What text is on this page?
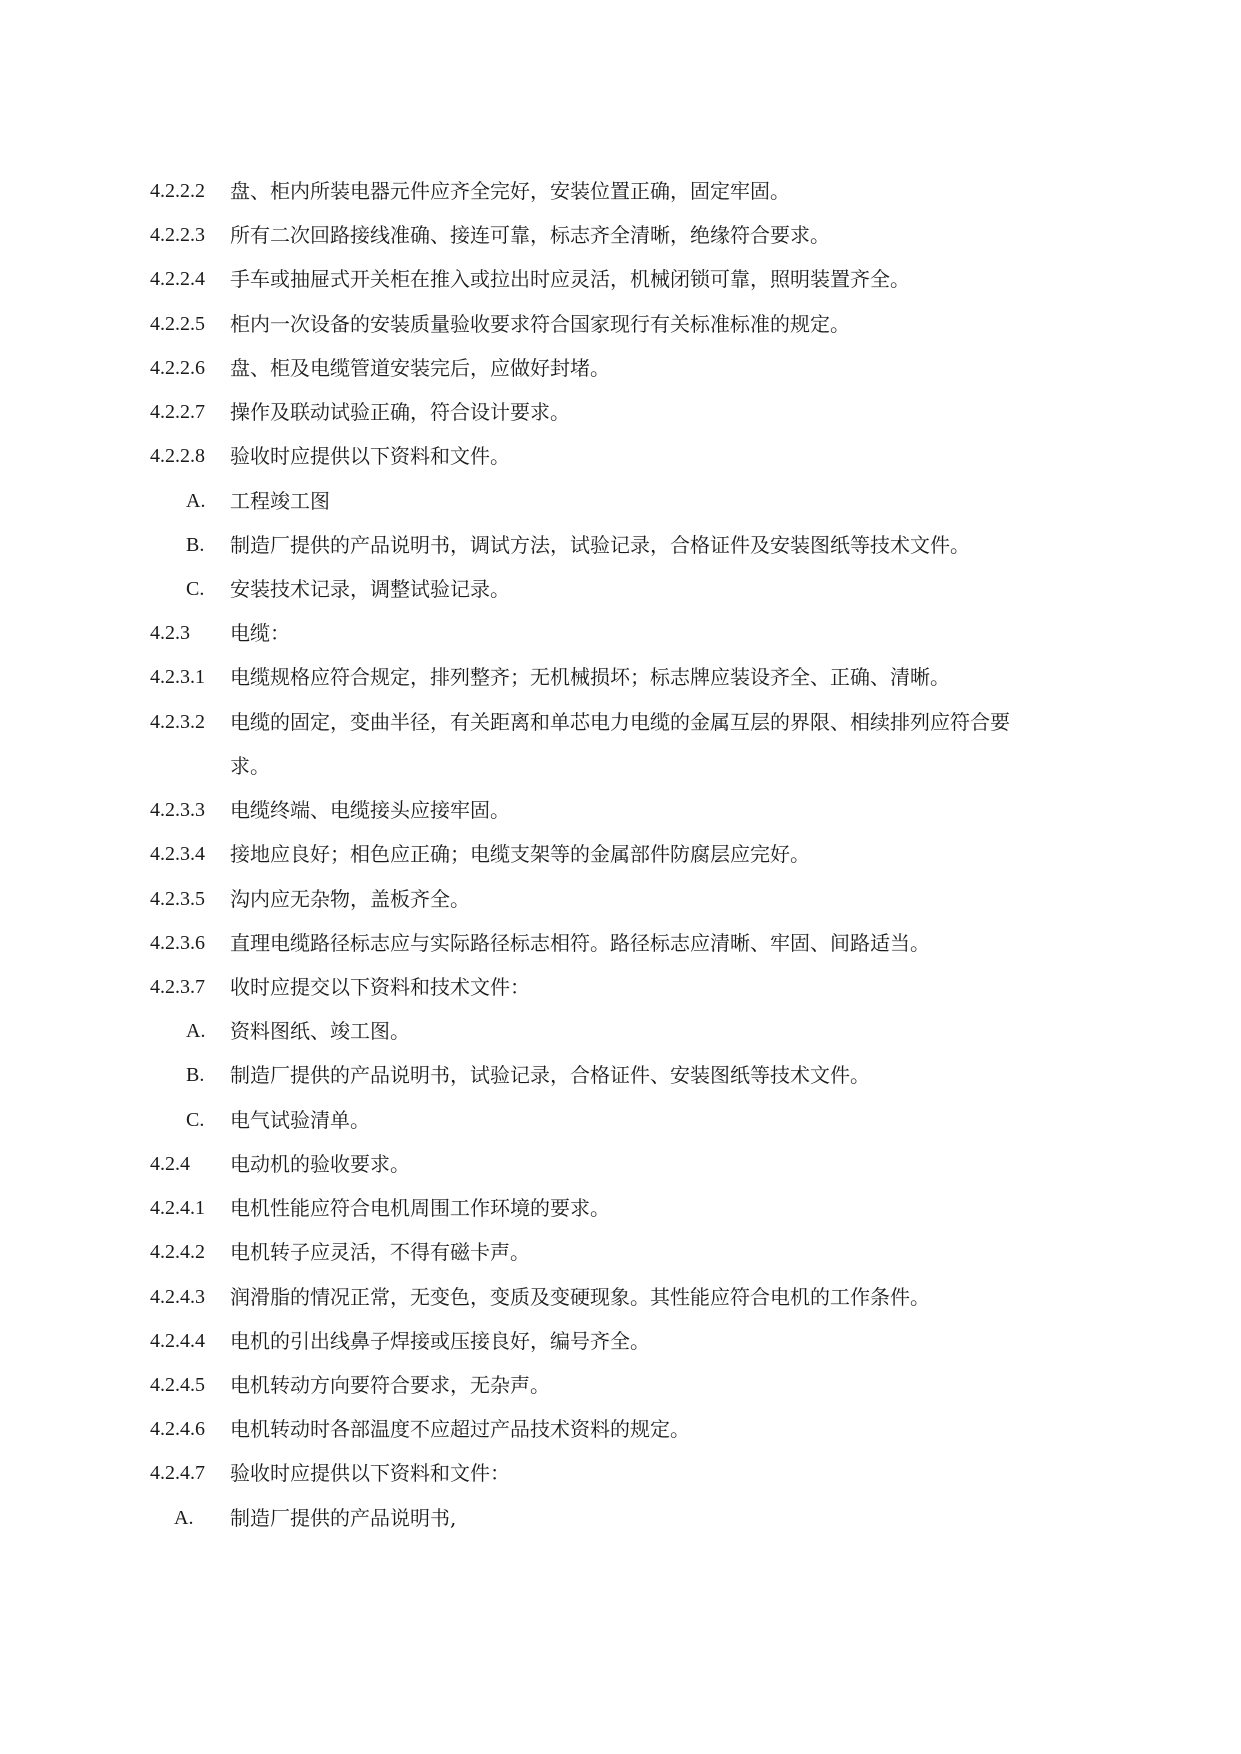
4.2.2.2 盘、柜内所装电器元件应齐全完好，安装位置正确，固定牢固。
4.2.2.3 所有二次回路接线准确、接连可靠，标志齐全清晰，绝缘符合要求。
4.2.2.4 手车或抽屉式开关柜在推入或拉出时应灵活，机械闭锁可靠，照明装置齐全。
4.2.2.5 柜内一次设备的安装质量验收要求符合国家现行有关标准标准的规定。
4.2.2.6 盘、柜及电缆管道安装完后，应做好封堵。
4.2.2.7 操作及联动试验正确，符合设计要求。
4.2.2.8 验收时应提供以下资料和文件。
A. 工程竣工图
B. 制造厂提供的产品说明书，调试方法，试验记录，合格证件及安装图纸等技术文件。
C. 安装技术记录，调整试验记录。
4.2.3 电缆：
4.2.3.1 电缆规格应符合规定，排列整齐；无机械损坏；标志牌应装设齐全、正确、清晰。
4.2.3.2 电缆的固定，变曲半径，有关距离和单芯电力电缆的金属互层的界限、相续排列应符合要
求。
4.2.3.3 电缆终端、电缆接头应接牢固。
4.2.3.4 接地应良好；相色应正确；电缆支架等的金属部件防腐层应完好。
4.2.3.5 沟内应无杂物，盖板齐全。
4.2.3.6 直理电缆路径标志应与实际路径标志相符。路径标志应清晰、牢固、间路适当。
4.2.3.7 收时应提交以下资料和技术文件：
A. 资料图纸、竣工图。
B. 制造厂提供的产品说明书，试验记录，合格证件、安装图纸等技术文件。
C. 电气试验清单。
4.2.4 电动机的验收要求。
4.2.4.1 电机性能应符合电机周围工作环境的要求。
4.2.4.2 电机转子应灵活，不得有磁卡声。
4.2.4.3 润滑脂的情况正常，无变色，变质及变硬现象。其性能应符合电机的工作条件。
4.2.4.4 电机的引出线鼻子焊接或压接良好，编号齐全。
4.2.4.5 电机转动方向要符合要求，无杂声。
4.2.4.6 电机转动时各部温度不应超过产品技术资料的规定。
4.2.4.7 验收时应提供以下资料和文件：
A. 制造厂提供的产品说明书,
